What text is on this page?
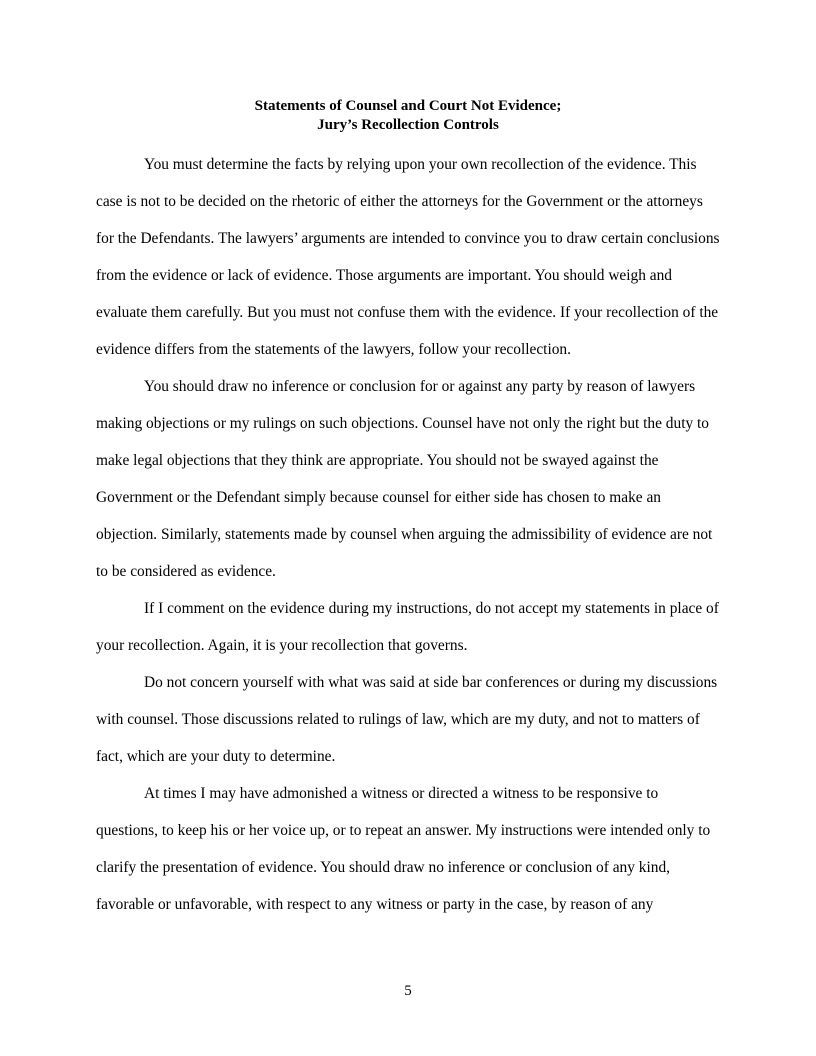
Statements of Counsel and Court Not Evidence;
Jury’s Recollection Controls

You must determine the facts by relying upon your own recollection of the evidence. This case is not to be decided on the rhetoric of either the attorneys for the Government or the attorneys for the Defendants. The lawyers’ arguments are intended to convince you to draw certain conclusions from the evidence or lack of evidence. Those arguments are important. You should weigh and evaluate them carefully. But you must not confuse them with the evidence. If your recollection of the evidence differs from the statements of the lawyers, follow your recollection.

You should draw no inference or conclusion for or against any party by reason of lawyers making objections or my rulings on such objections. Counsel have not only the right but the duty to make legal objections that they think are appropriate. You should not be swayed against the Government or the Defendant simply because counsel for either side has chosen to make an objection. Similarly, statements made by counsel when arguing the admissibility of evidence are not to be considered as evidence.

If I comment on the evidence during my instructions, do not accept my statements in place of your recollection. Again, it is your recollection that governs.

Do not concern yourself with what was said at side bar conferences or during my discussions with counsel. Those discussions related to rulings of law, which are my duty, and not to matters of fact, which are your duty to determine.

At times I may have admonished a witness or directed a witness to be responsive to questions, to keep his or her voice up, or to repeat an answer. My instructions were intended only to clarify the presentation of evidence. You should draw no inference or conclusion of any kind, favorable or unfavorable, with respect to any witness or party in the case, by reason of any

5
